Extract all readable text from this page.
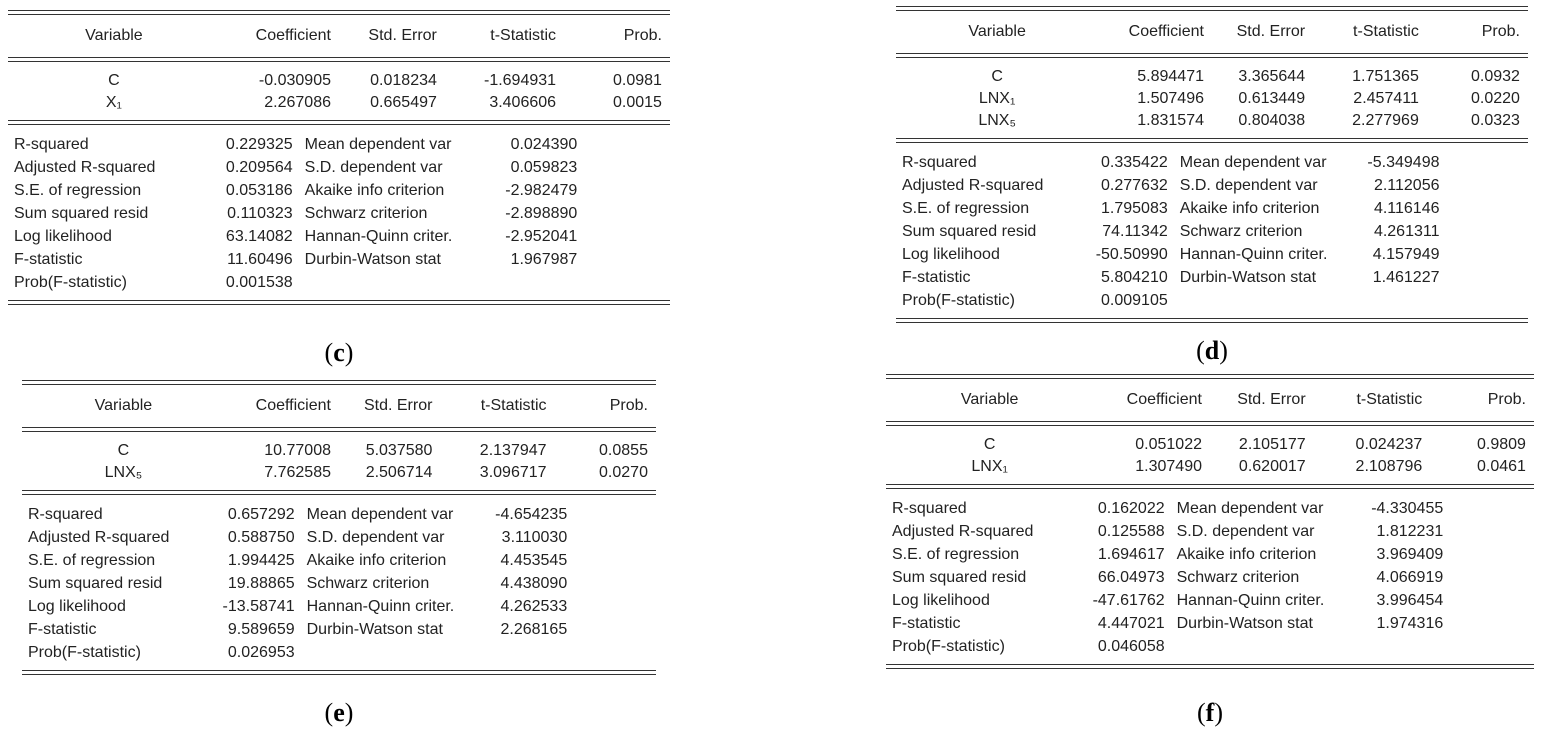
Variable	Coefficient	Std. Error	t-Statistic	Prob.
C	-0.030905	0.018234	-1.694931	0.0981
X₁	2.267086	0.665497	3.406606	0.0015
R-squared	0.229325 Mean dependent var	0.024390
Adjusted R-squared	0.209564 S.D. dependent var	0.059823
S.E. of regression	0.053186 Akaike info criterion	-2.982479
Sum squared resid	0.110323 Schwarz criterion	-2.898890
Log likelihood	63.14082 Hannan-Quinn criter.	-2.952041
F-statistic	11.60496 Durbin-Watson stat	1.967987
Prob(F-statistic)	0.001538
(c)
Variable	Coefficient	Std. Error	t-Statistic	Prob.
C	5.894471	3.365644	1.751365	0.0932
LNX₁	1.507496	0.613449	2.457411	0.0220
LNX₅	1.831574	0.804038	2.277969	0.0323
R-squared	0.335422 Mean dependent var	-5.349498
Adjusted R-squared	0.277632 S.D. dependent var	2.112056
S.E. of regression	1.795083 Akaike info criterion	4.116146
Sum squared resid	74.11342 Schwarz criterion	4.261311
Log likelihood	-50.50990 Hannan-Quinn criter.	4.157949
F-statistic	5.804210 Durbin-Watson stat	1.461227
Prob(F-statistic)	0.009105
(d)
Variable	Coefficient	Std. Error	t-Statistic	Prob.
C	10.77008	5.037580	2.137947	0.0855
LNX₅	7.762585	2.506714	3.096717	0.0270
R-squared	0.657292 Mean dependent var	-4.654235
Adjusted R-squared	0.588750 S.D. dependent var	3.110030
S.E. of regression	1.994425 Akaike info criterion	4.453545
Sum squared resid	19.88865 Schwarz criterion	4.438090
Log likelihood	-13.58741 Hannan-Quinn criter.	4.262533
F-statistic	9.589659 Durbin-Watson stat	2.268165
Prob(F-statistic)	0.026953
(e)
Variable	Coefficient	Std. Error	t-Statistic	Prob.
C	0.051022	2.105177	0.024237	0.9809
LNX₁	1.307490	0.620017	2.108796	0.0461
R-squared	0.162022 Mean dependent var	-4.330455
Adjusted R-squared	0.125588 S.D. dependent var	1.812231
S.E. of regression	1.694617 Akaike info criterion	3.969409
Sum squared resid	66.04973 Schwarz criterion	4.066919
Log likelihood	-47.61762 Hannan-Quinn criter.	3.996454
F-statistic	4.447021 Durbin-Watson stat	1.974316
Prob(F-statistic)	0.046058
(f)
